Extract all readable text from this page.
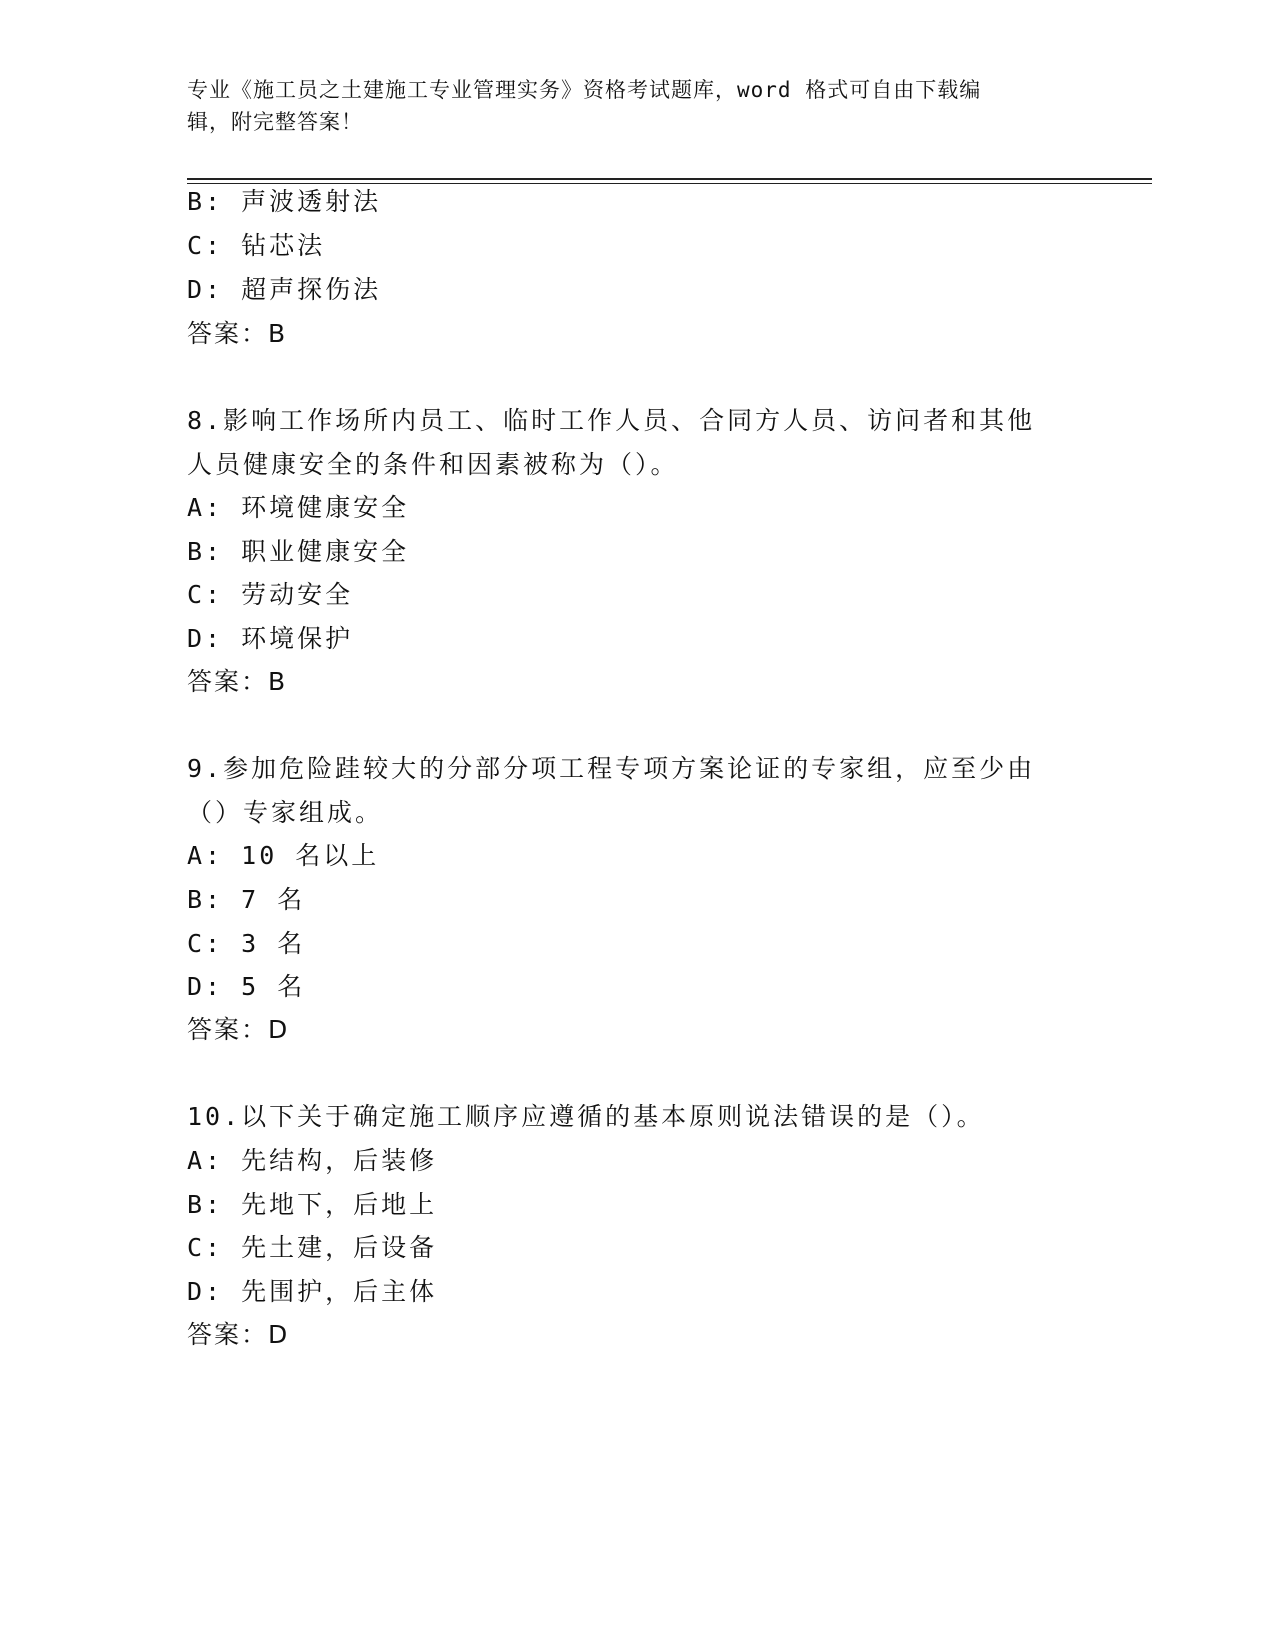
专业《施工员之土建施工专业管理实务》资格考试题库，word 格式可自由下载编
辑，附完整答案！
B: 声波透射法
C: 钻芯法
D: 超声探伤法
答案：B
8.影响工作场所内员工、临时工作人员、合同方人员、访问者和其他
人员健康安全的条件和因素被称为（）。
A: 环境健康安全
B: 职业健康安全
C: 劳动安全
D: 环境保护
答案：B
9.参加危险跬较大的分部分项工程专项方案论证的专家组，应至少由
（）专家组成。
A: 10 名以上
B: 7 名
C: 3 名
D: 5 名
答案：D
10.以下关于确定施工顺序应遵循的基本原则说法错误的是（）。
A: 先结构，后装修
B: 先地下，后地上
C: 先土建，后设备
D: 先围护，后主体
答案：D
